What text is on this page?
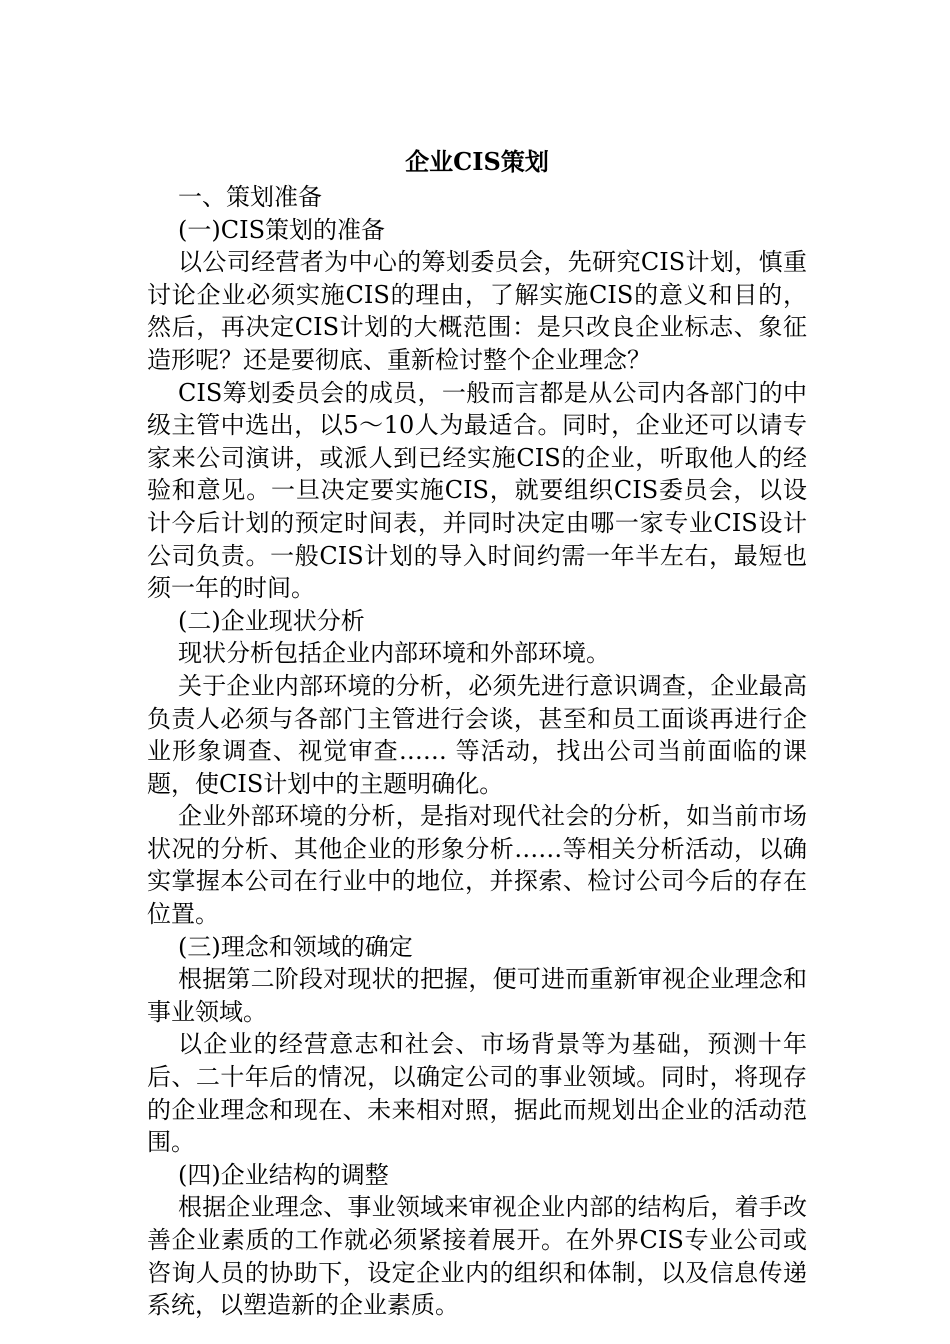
企业CIS策划

一、策划准备

(一)CIS策划的准备

以公司经营者为中心的筹划委员会，先研究CIS计划，慎重讨论企业必须实施CIS的理由，了解实施CIS的意义和目的，然后，再决定CIS计划的大概范围：是只改良企业标志、象征造形呢？还是要彻底、重新检讨整个企业理念？

CIS筹划委员会的成员，一般而言都是从公司内各部门的中级主管中选出，以5～10人为最适合。同时，企业还可以请专家来公司演讲，或派人到已经实施CIS的企业，听取他人的经验和意见。一旦决定要实施CIS，就要组织CIS委员会，以设计今后计划的预定时间表，并同时决定由哪一家专业CIS设计公司负责。一般CIS计划的导入时间约需一年半左右，最短也须一年的时间。

(二)企业现状分析

现状分析包括企业内部环境和外部环境。

关于企业内部环境的分析，必须先进行意识调查，企业最高负责人必须与各部门主管进行会谈，甚至和员工面谈再进行企业形象调查、视觉审查…… 等活动，找出公司当前面临的课题，使CIS计划中的主题明确化。

企业外部环境的分析，是指对现代社会的分析，如当前市场状况的分析、其他企业的形象分析……等相关分析活动，以确实掌握本公司在行业中的地位，并探索、检讨公司今后的存在位置。

(三)理念和领域的确定

根据第二阶段对现状的把握，便可进而重新审视企业理念和事业领域。

以企业的经营意志和社会、市场背景等为基础，预测十年后、二十年后的情况，以确定公司的事业领域。同时，将现存的企业理念和现在、未来相对照，据此而规划出企业的活动范围。

(四)企业结构的调整

根据企业理念、事业领域来审视企业内部的结构后，着手改善企业素质的工作就必须紧接着展开。在外界CIS专业公司或咨询人员的协助下，设定企业内的组织和体制，以及信息传递系统，以塑造新的企业素质。
